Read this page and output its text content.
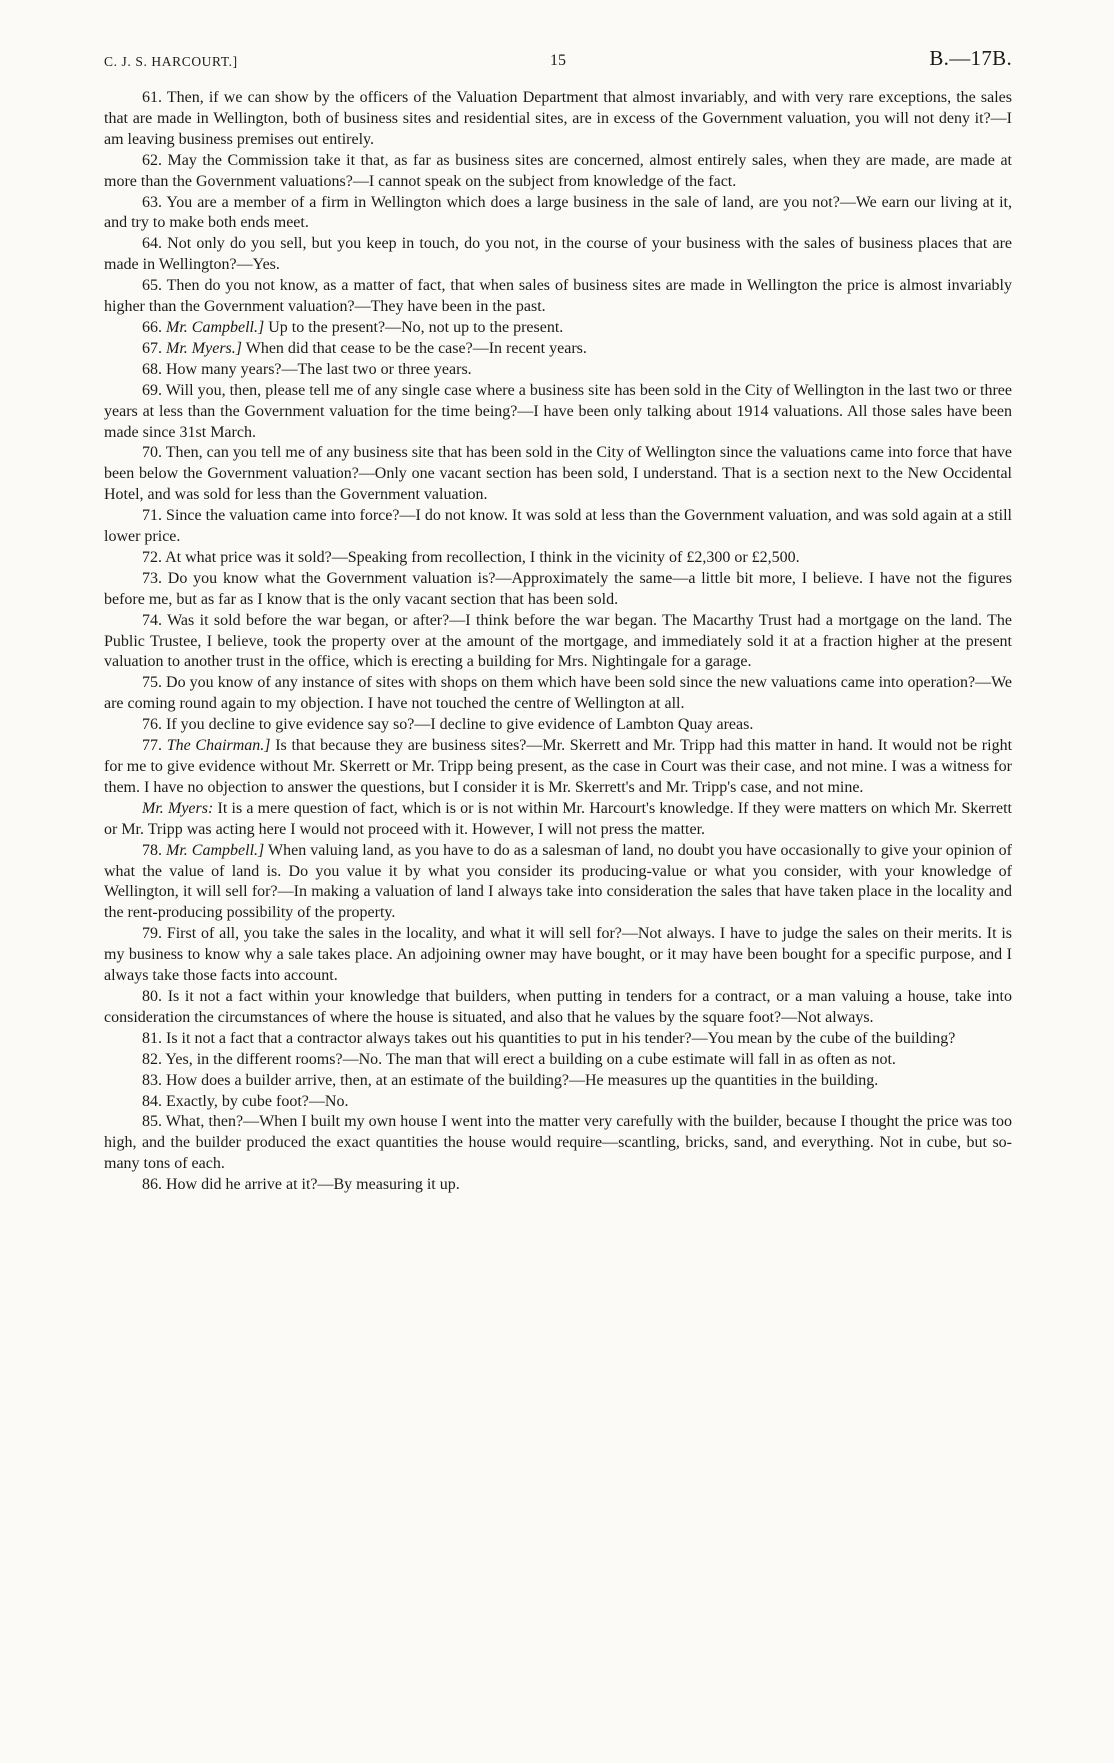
C. J. S. HARCOURT.]	15	B.—17B.

61. Then, if we can show by the officers of the Valuation Department that almost invariably, and with very rare exceptions, the sales that are made in Wellington, both of business sites and residential sites, are in excess of the Government valuation, you will not deny it?—I am leaving business premises out entirely.

62. May the Commission take it that, as far as business sites are concerned, almost entirely sales, when they are made, are made at more than the Government valuations?—I cannot speak on the subject from knowledge of the fact.

63. You are a member of a firm in Wellington which does a large business in the sale of land, are you not?—We earn our living at it, and try to make both ends meet.

64. Not only do you sell, but you keep in touch, do you not, in the course of your business with the sales of business places that are made in Wellington?—Yes.

65. Then do you not know, as a matter of fact, that when sales of business sites are made in Wellington the price is almost invariably higher than the Government valuation?—They have been in the past.

66. Mr. Campbell.] Up to the present?—No, not up to the present.

67. Mr. Myers.] When did that cease to be the case?—In recent years.

68. How many years?—The last two or three years.

69. Will you, then, please tell me of any single case where a business site has been sold in the City of Wellington in the last two or three years at less than the Government valuation for the time being?—I have been only talking about 1914 valuations. All those sales have been made since 31st March.

70. Then, can you tell me of any business site that has been sold in the City of Wellington since the valuations came into force that have been below the Government valuation?—Only one vacant section has been sold, I understand. That is a section next to the New Occidental Hotel, and was sold for less than the Government valuation.

71. Since the valuation came into force?—I do not know. It was sold at less than the Government valuation, and was sold again at a still lower price.

72. At what price was it sold?—Speaking from recollection, I think in the vicinity of £2,300 or £2,500.

73. Do you know what the Government valuation is?—Approximately the same—a little bit more, I believe. I have not the figures before me, but as far as I know that is the only vacant section that has been sold.

74. Was it sold before the war began, or after?—I think before the war began. The Macarthy Trust had a mortgage on the land. The Public Trustee, I believe, took the property over at the amount of the mortgage, and immediately sold it at a fraction higher at the present valuation to another trust in the office, which is erecting a building for Mrs. Nightingale for a garage.

75. Do you know of any instance of sites with shops on them which have been sold since the new valuations came into operation?—We are coming round again to my objection. I have not touched the centre of Wellington at all.

76. If you decline to give evidence say so?—I decline to give evidence of Lambton Quay areas.

77. The Chairman.] Is that because they are business sites?—Mr. Skerrett and Mr. Tripp had this matter in hand. It would not be right for me to give evidence without Mr. Skerrett or Mr. Tripp being present, as the case in Court was their case, and not mine. I was a witness for them. I have no objection to answer the questions, but I consider it is Mr. Skerrett's and Mr. Tripp's case, and not mine.

Mr. Myers: It is a mere question of fact, which is or is not within Mr. Harcourt's knowledge. If they were matters on which Mr. Skerrett or Mr. Tripp was acting here I would not proceed with it. However, I will not press the matter.

78. Mr. Campbell.] When valuing land, as you have to do as a salesman of land, no doubt you have occasionally to give your opinion of what the value of land is. Do you value it by what you consider its producing-value or what you consider, with your knowledge of Wellington, it will sell for?—In making a valuation of land I always take into consideration the sales that have taken place in the locality and the rent-producing possibility of the property.

79. First of all, you take the sales in the locality, and what it will sell for?—Not always. I have to judge the sales on their merits. It is my business to know why a sale takes place. An adjoining owner may have bought, or it may have been bought for a specific purpose, and I always take those facts into account.

80. Is it not a fact within your knowledge that builders, when putting in tenders for a contract, or a man valuing a house, take into consideration the circumstances of where the house is situated, and also that he values by the square foot?—Not always.

81. Is it not a fact that a contractor always takes out his quantities to put in his tender?—You mean by the cube of the building?

82. Yes, in the different rooms?—No. The man that will erect a building on a cube estimate will fall in as often as not.

83. How does a builder arrive, then, at an estimate of the building?—He measures up the quantities in the building.

84. Exactly, by cube foot?—No.

85. What, then?—When I built my own house I went into the matter very carefully with the builder, because I thought the price was too high, and the builder produced the exact quantities the house would require—scantling, bricks, sand, and everything. Not in cube, but so-many tons of each.

86. How did he arrive at it?—By measuring it up.
